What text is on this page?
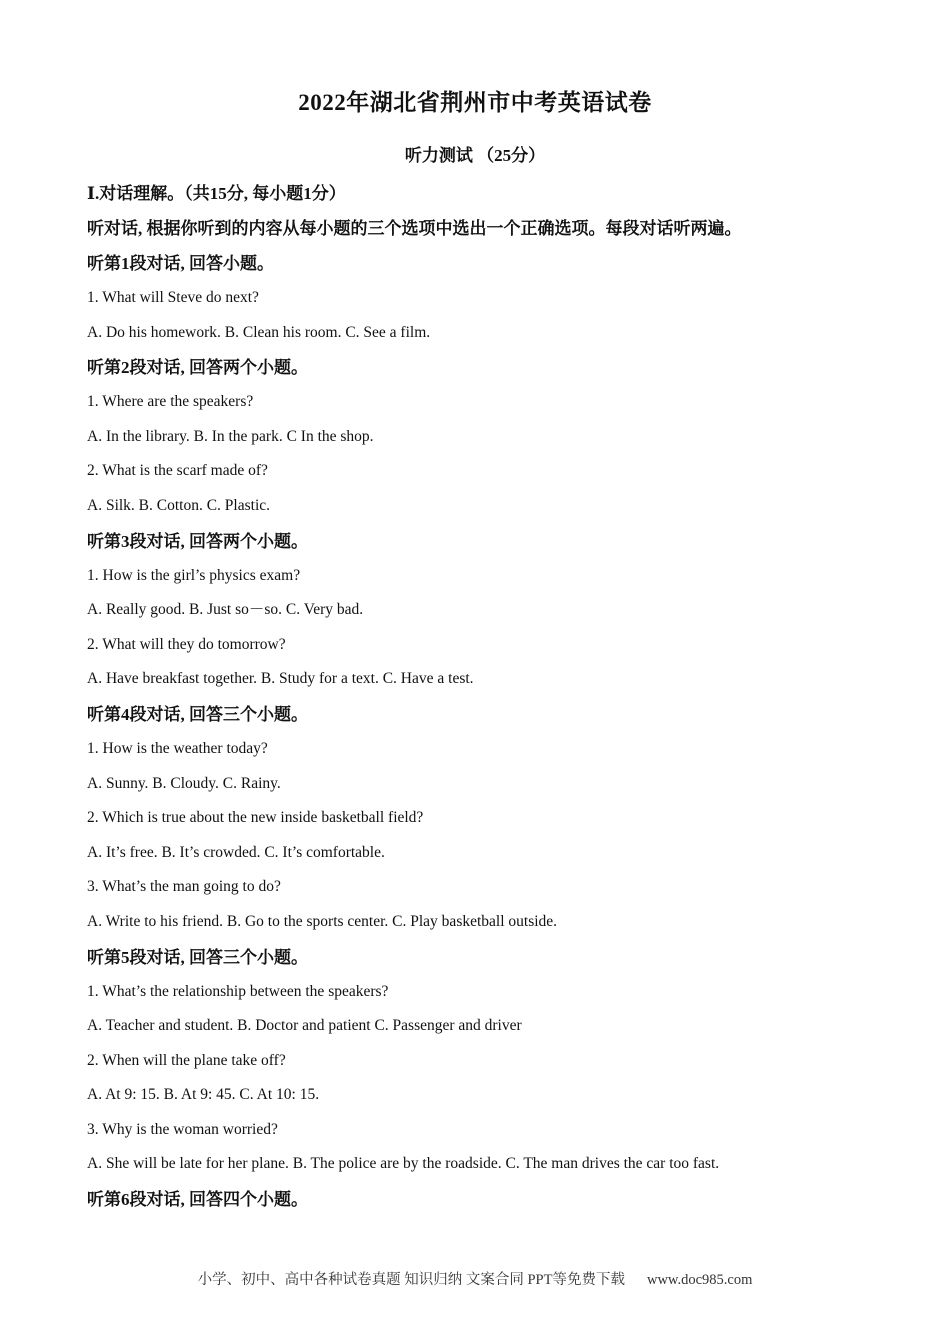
2022年湖北省荆州市中考英语试卷
听力测试 （25分）
Ⅰ.对话理解。（共15分, 每小题1分）
听对话, 根据你听到的内容从每小题的三个选项中选出一个正确选项。每段对话听两遍。
听第1段对话, 回答小题。
1. What will Steve do next?
A. Do his homework. B. Clean his room. C. See a film.
听第2段对话, 回答两个小题。
1. Where are the speakers?
A. In the library. B. In the park. C In the shop.
2. What is the scarf made of?
A. Silk. B. Cotton. C. Plastic.
听第3段对话, 回答两个小题。
1. How is the girl’s physics exam?
A. Really good. B. Just so－so. C. Very bad.
2. What will they do tomorrow?
A. Have breakfast together. B. Study for a text. C. Have a test.
听第4段对话, 回答三个小题。
1. How is the weather today?
A. Sunny. B. Cloudy. C. Rainy.
2. Which is true about the new inside basketball field?
A. It’s free. B. It’s crowded. C. It’s comfortable.
3. What’s the man going to do?
A. Write to his friend. B. Go to the sports center. C. Play basketball outside.
听第5段对话, 回答三个小题。
1. What’s the relationship between the speakers?
A. Teacher and student. B. Doctor and patient C. Passenger and driver
2. When will the plane take off?
A. At 9: 15. B. At 9: 45. C. At 10: 15.
3. Why is the woman worried?
A. She will be late for her plane. B. The police are by the roadside. C. The man drives the car too fast.
听第6段对话, 回答四个小题。
小学、初中、高中各种试卷真题 知识归纳 文案合同 PPT等免费下载 www.doc985.com
